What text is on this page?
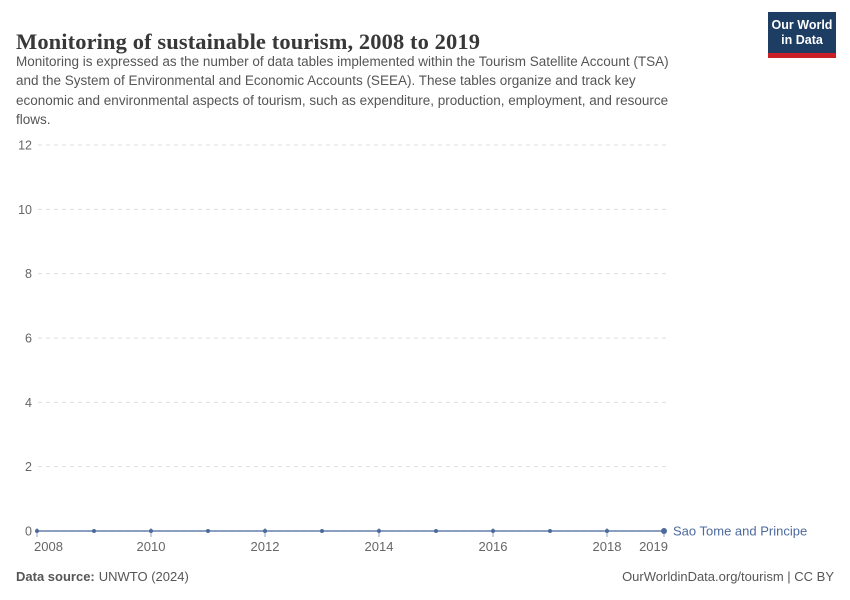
Monitoring of sustainable tourism, 2008 to 2019
Monitoring is expressed as the number of data tables implemented within the Tourism Satellite Account (TSA)
and the System of Environmental and Economic Accounts (SEEA). These tables organize and track key
economic and environmental aspects of tourism, such as expenditure, production, employment, and resource
flows.
Our World
in Data
0
2
4
6
8
10
12
2008	2010	2012	2014	2016	2018 2019
Sao Tome and Principe
Data source: UNWTO (2024)	OurWorldinData.org/tourism | CC BY
